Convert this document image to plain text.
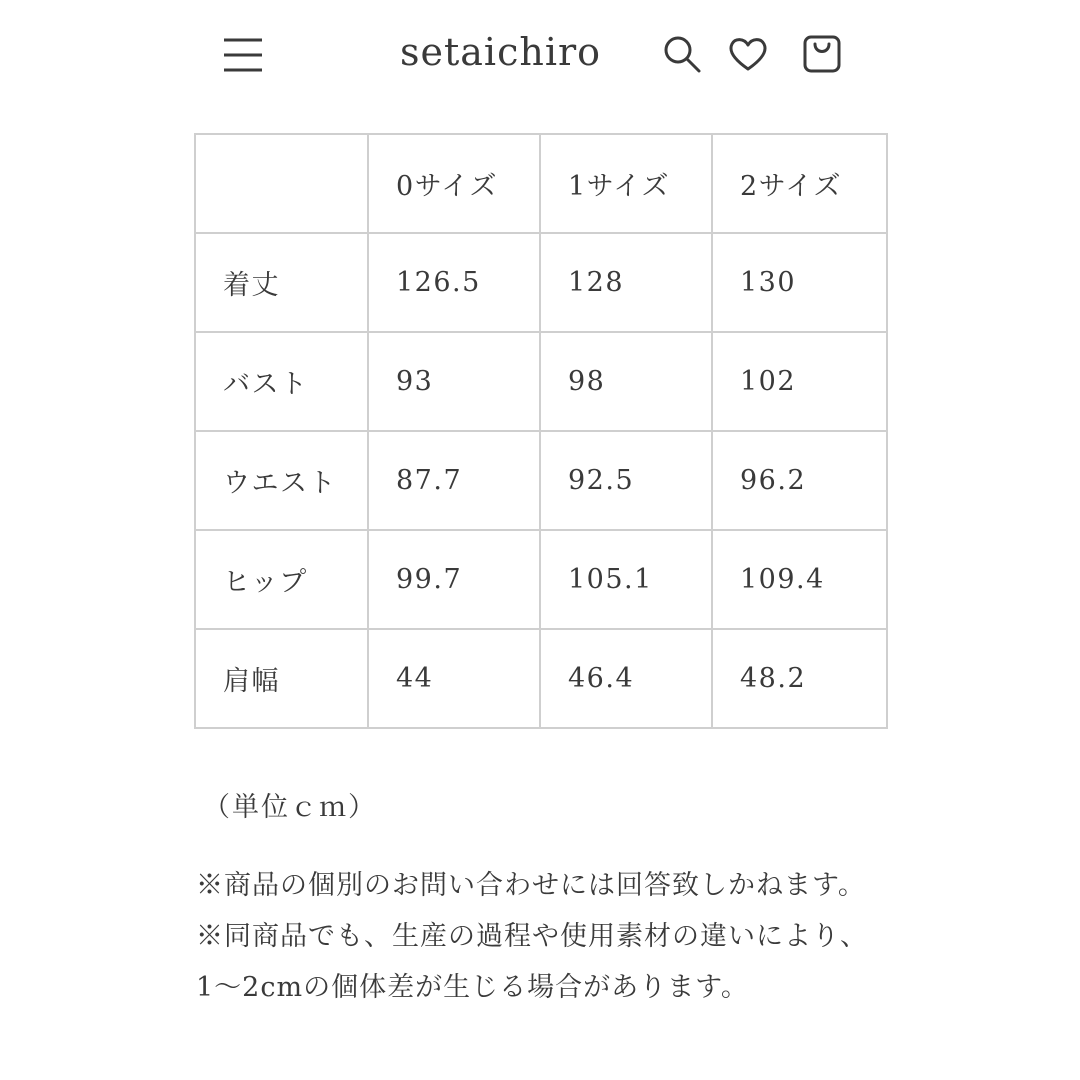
setaichiro
	0サイズ	1サイズ	2サイズ
着丈	126.5	128	130
バスト	93	98	102
ウエスト	87.7	92.5	96.2
ヒップ	99.7	105.1	109.4
肩幅	44	46.4	48.2
（単位ｃｍ）

※商品の個別のお問い合わせには回答致しかねます。

※同商品でも、生産の過程や使用素材の違いにより、1〜2cmの個体差が生じる場合があります。
